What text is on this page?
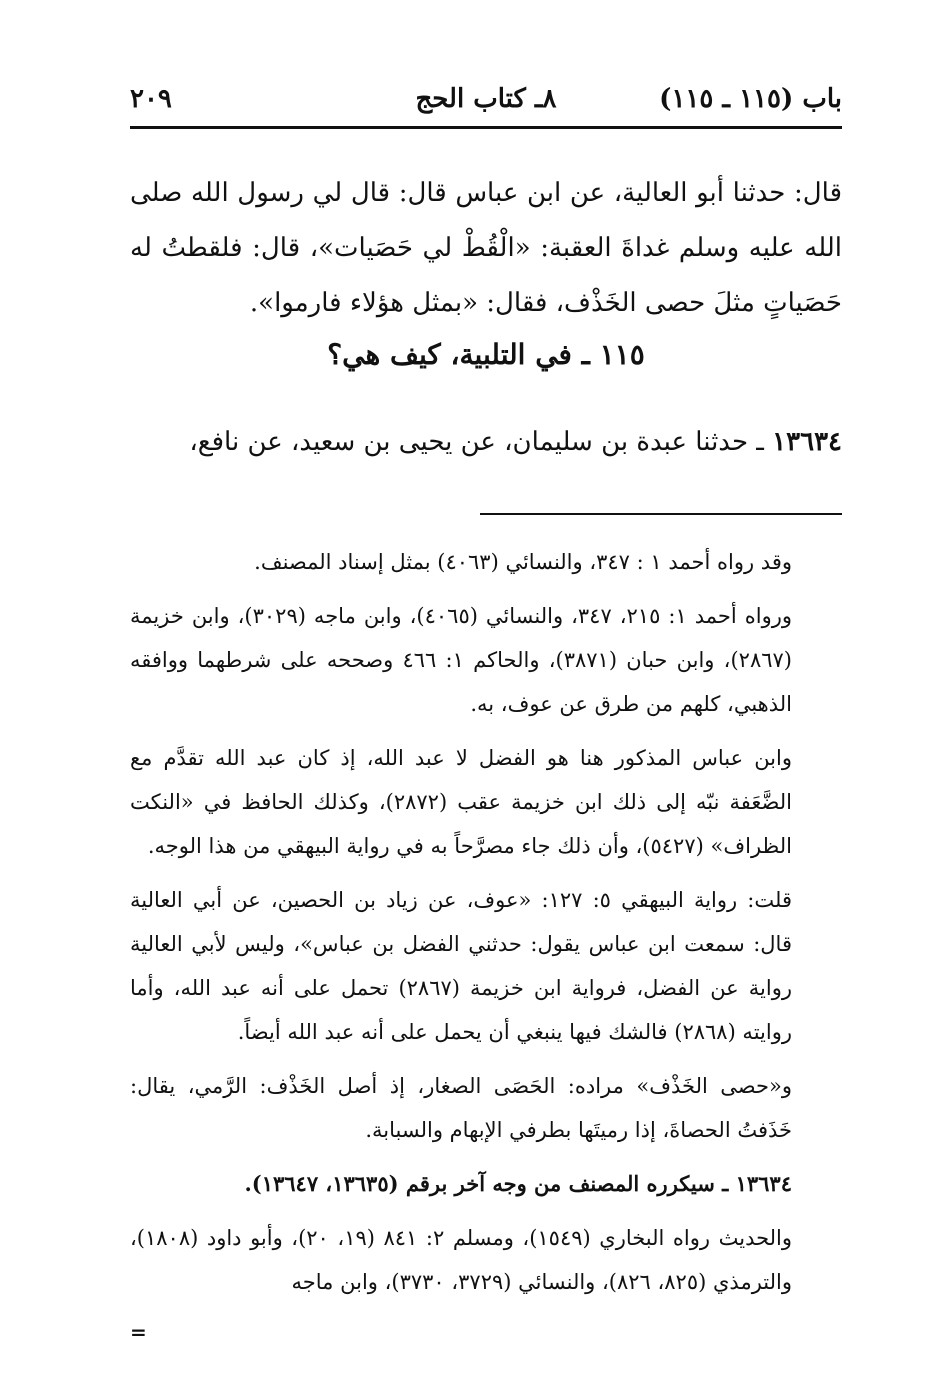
باب (١١٥ ـ ١١٥)
٨ـ كتاب الحج
٢٠٩

قال: حدثنا أبو العالية، عن ابن عباس قال: قال لي رسول الله صلى الله عليه وسلم غداةَ العقبة: «الْقُطْ لي حَصَيات»، قال: فلقطتُ له حَصَياتٍ مثلَ حصى الخَذْف، فقال: «بمثل هؤلاء فارموا».

١١٥ ـ في التلبية، كيف هي؟
١٣٦٣٤ ـ حدثنا عبدة بن سليمان، عن يحيى بن سعيد، عن نافع،

وقد رواه أحمد ١ : ٣٤٧، والنسائي (٤٠٦٣) بمثل إسناد المصنف.

ورواه أحمد ١: ٢١٥، ٣٤٧، والنسائي (٤٠٦٥)، وابن ماجه (٣٠٢٩)، وابن خزيمة (٢٨٦٧)، وابن حبان (٣٨٧١)، والحاكم ١: ٤٦٦ وصححه على شرطهما ووافقه الذهبي، كلهم من طرق عن عوف، به.

وابن عباس المذكور هنا هو الفضل لا عبد الله، إذ كان عبد الله تقدَّم مع الضَّعَفة نبّه إلى ذلك ابن خزيمة عقب (٢٨٧٢)، وكذلك الحافظ في «النكت الظراف» (٥٤٢٧)، وأن ذلك جاء مصرَّحاً به في رواية البيهقي من هذا الوجه.

قلت: رواية البيهقي ٥: ١٢٧: «عوف، عن زياد بن الحصين، عن أبي العالية قال: سمعت ابن عباس يقول: حدثني الفضل بن عباس»، وليس لأبي العالية رواية عن الفضل، فرواية ابن خزيمة (٢٨٦٧) تحمل على أنه عبد الله، وأما روايته (٢٨٦٨) فالشك فيها ينبغي أن يحمل على أنه عبد الله أيضاً.

و«حصى الخَذْف» مراده: الحَصَى الصغار، إذ أصل الخَذْف: الرَّمي، يقال: خَذَفتُ الحصاةَ، إذا رميتَها بطرفي الإبهام والسبابة.

١٣٦٣٤ ـ سيكرره المصنف من وجه آخر برقم (١٣٦٣٥، ١٣٦٤٧).

والحديث رواه البخاري (١٥٤٩)، ومسلم ٢: ٨٤١ (١٩، ٢٠)، وأبو داود (١٨٠٨)، والترمذي (٨٢٥، ٨٢٦)، والنسائي (٣٧٢٩، ٣٧٣٠)، وابن ماجه

=
